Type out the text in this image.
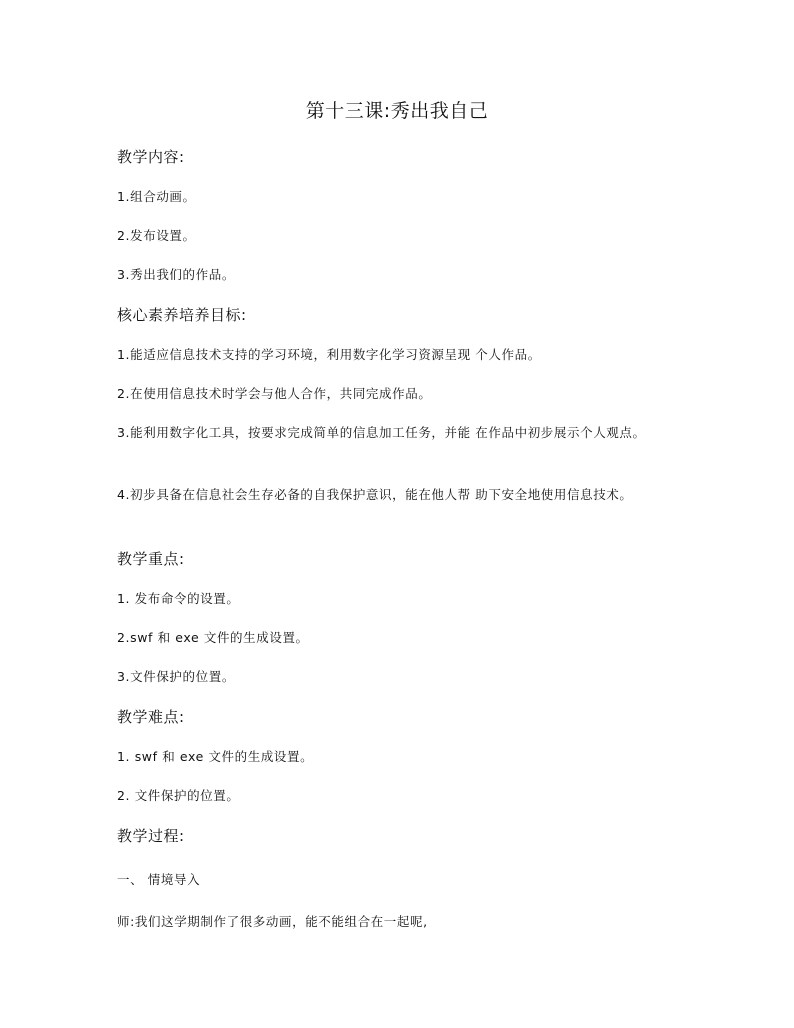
第十三课:秀出我自己

教学内容:

1.组合动画。

2.发布设置。

3.秀出我们的作品。

核心素养培养目标:

1.能适应信息技术支持的学习环境，利用数字化学习资源呈现 个人作品。

2.在使用信息技术时学会与他人合作，共同完成作品。

3.能利用数字化工具，按要求完成简单的信息加工任务，并能 在作品中初步展示个人观点。

4.初步具备在信息社会生存必备的自我保护意识，能在他人帮 助下安全地使用信息技术。

教学重点:

1. 发布命令的设置。

2.swf 和 exe 文件的生成设置。

3.文件保护的位置。

教学难点:

1. swf 和 exe 文件的生成设置。

2. 文件保护的位置。

教学过程:

一、 情境导入

师:我们这学期制作了很多动画，能不能组合在一起呢,
